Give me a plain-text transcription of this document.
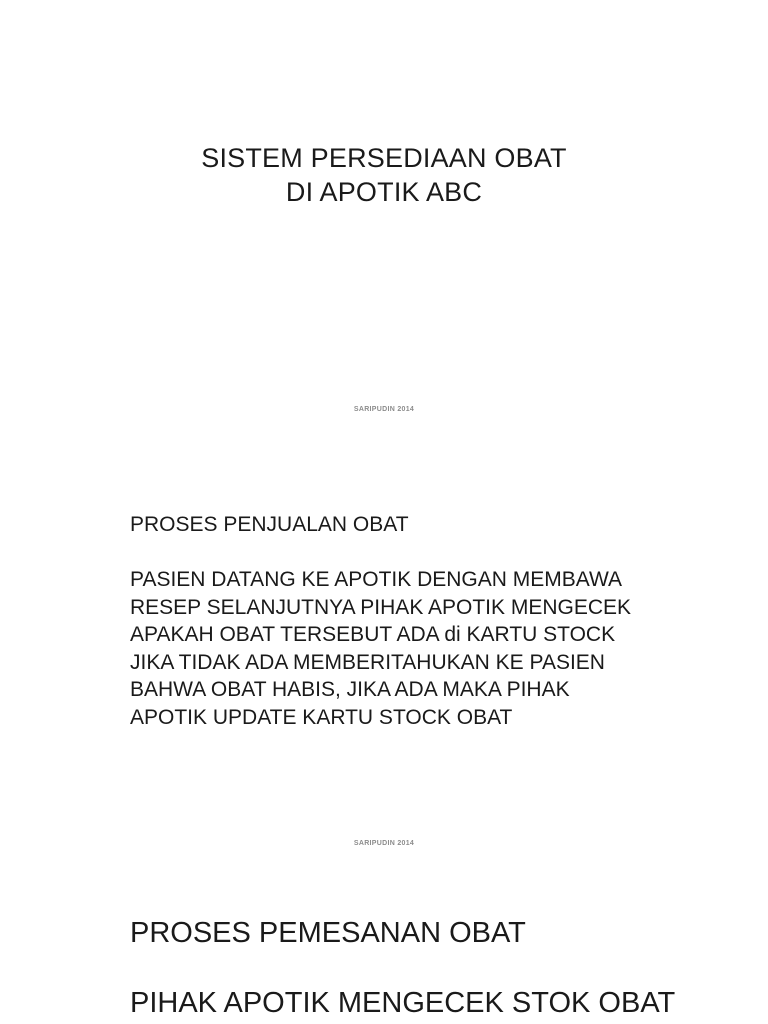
SISTEM PERSEDIAAN OBAT
DI APOTIK ABC
SARIPUDIN 2014
PROSES PENJUALAN OBAT
PASIEN DATANG KE APOTIK DENGAN MEMBAWA
RESEP SELANJUTNYA PIHAK APOTIK MENGECEK
APAKAH OBAT TERSEBUT ADA di KARTU STOCK
JIKA TIDAK ADA MEMBERITAHUKAN KE PASIEN
BAHWA OBAT HABIS, JIKA ADA MAKA PIHAK
APOTIK UPDATE KARTU STOCK OBAT
SARIPUDIN 2014
PROSES PEMESANAN OBAT
PIHAK APOTIK MENGECEK STOK OBAT
